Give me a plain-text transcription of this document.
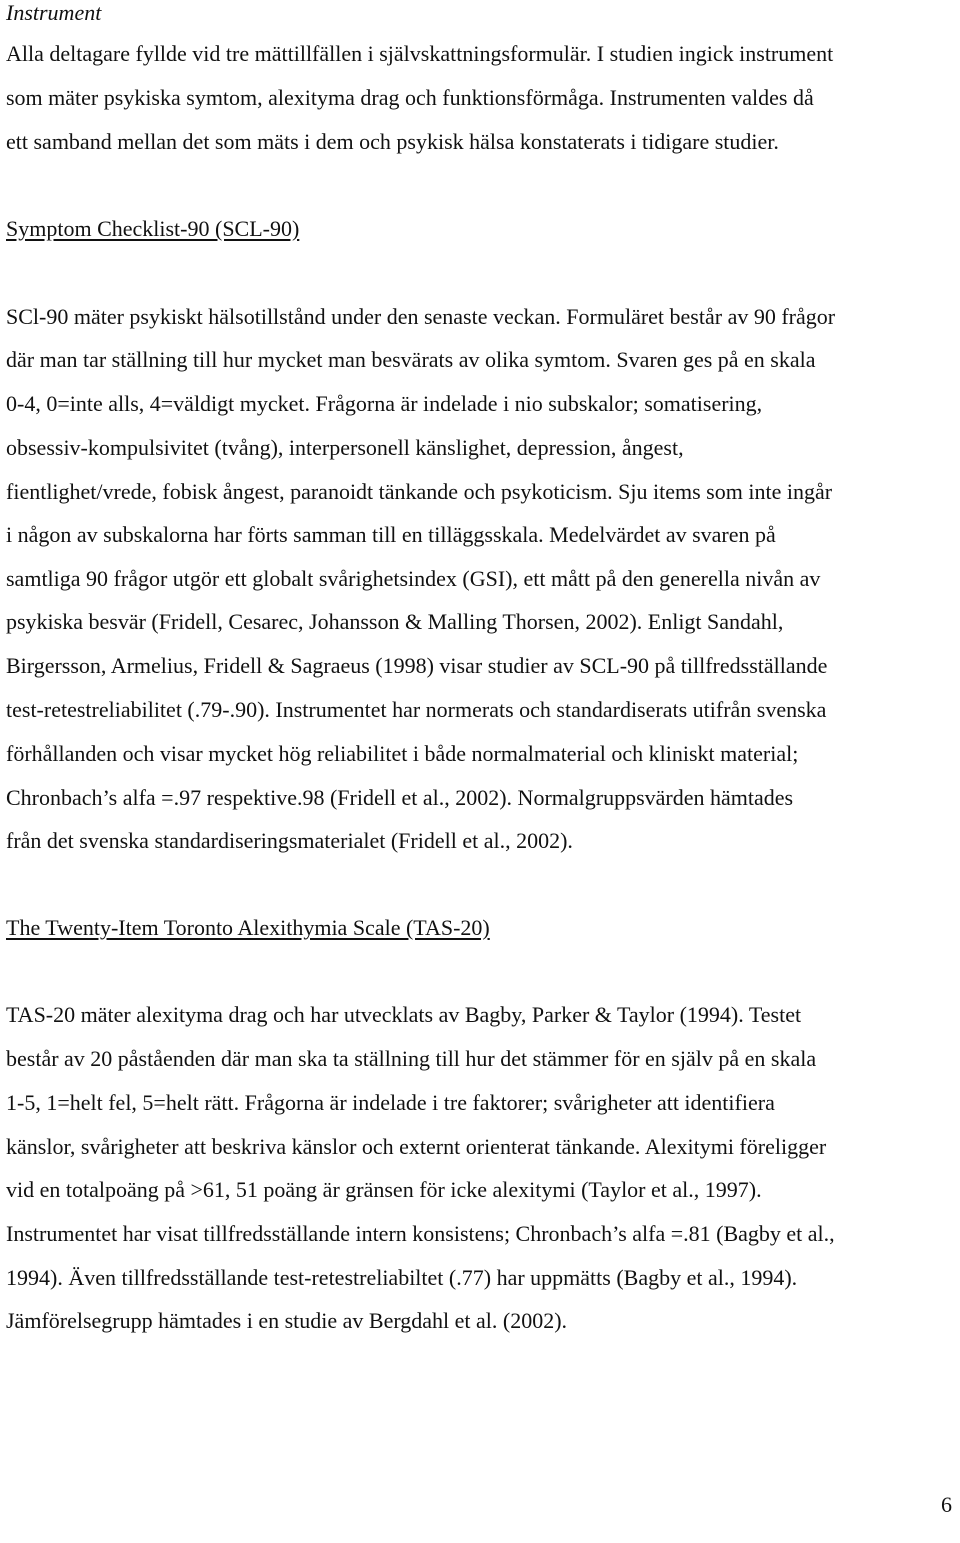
Instrument

Alla deltagare fyllde vid tre mättillfällen i självskattningsformulär. I studien ingick instrument

som mäter psykiska symtom, alexityma drag och funktionsförmåga. Instrumenten valdes då

ett samband mellan det som mäts i dem och psykisk hälsa konstaterats i tidigare studier.

Symptom Checklist-90 (SCL-90)

SCl-90 mäter psykiskt hälsotillstånd under den senaste veckan. Formuläret består av 90 frågor

där man tar ställning till hur mycket man besvärats av olika symtom. Svaren ges på en skala

0-4, 0=inte alls, 4=väldigt mycket. Frågorna är indelade i nio subskalor; somatisering,

obsessiv-kompulsivitet (tvång), interpersonell känslighet, depression, ångest,

fientlighet/vrede, fobisk ångest, paranoidt tänkande och psykoticism. Sju items som inte ingår

i någon av subskalorna har förts samman till en tilläggsskala. Medelvärdet av svaren på

samtliga 90 frågor utgör ett globalt svårighetsindex (GSI), ett mått på den generella nivån av

psykiska besvär (Fridell, Cesarec, Johansson & Malling Thorsen, 2002). Enligt Sandahl,

Birgersson, Armelius, Fridell & Sagraeus (1998) visar studier av SCL-90 på tillfredsställande

test-retestreliabilitet (.79-.90). Instrumentet har normerats och standardiserats utifrån svenska

förhållanden och visar mycket hög reliabilitet i både normalmaterial och kliniskt material;

Chronbach’s alfa =.97 respektive.98 (Fridell et al., 2002). Normalgruppsvärden hämtades

från det svenska standardiseringsmaterialet (Fridell et al., 2002).

The Twenty-Item Toronto Alexithymia Scale (TAS-20)

TAS-20 mäter alexityma drag och har utvecklats av Bagby, Parker & Taylor (1994). Testet

består av 20 påståenden där man ska ta ställning till hur det stämmer för en själv på en skala

1-5, 1=helt fel, 5=helt rätt. Frågorna är indelade i tre faktorer; svårigheter att identifiera

känslor, svårigheter att beskriva känslor och externt orienterat tänkande. Alexitymi föreligger

vid en totalpoäng på >61, 51 poäng är gränsen för icke alexitymi (Taylor et al., 1997).

Instrumentet har visat tillfredsställande intern konsistens; Chronbach’s alfa =.81 (Bagby et al.,

1994). Även tillfredsställande test-retestreliabiltet (.77) har uppmätts (Bagby et al., 1994).

Jämförelsegrupp hämtades i en studie av Bergdahl et al. (2002).

6
